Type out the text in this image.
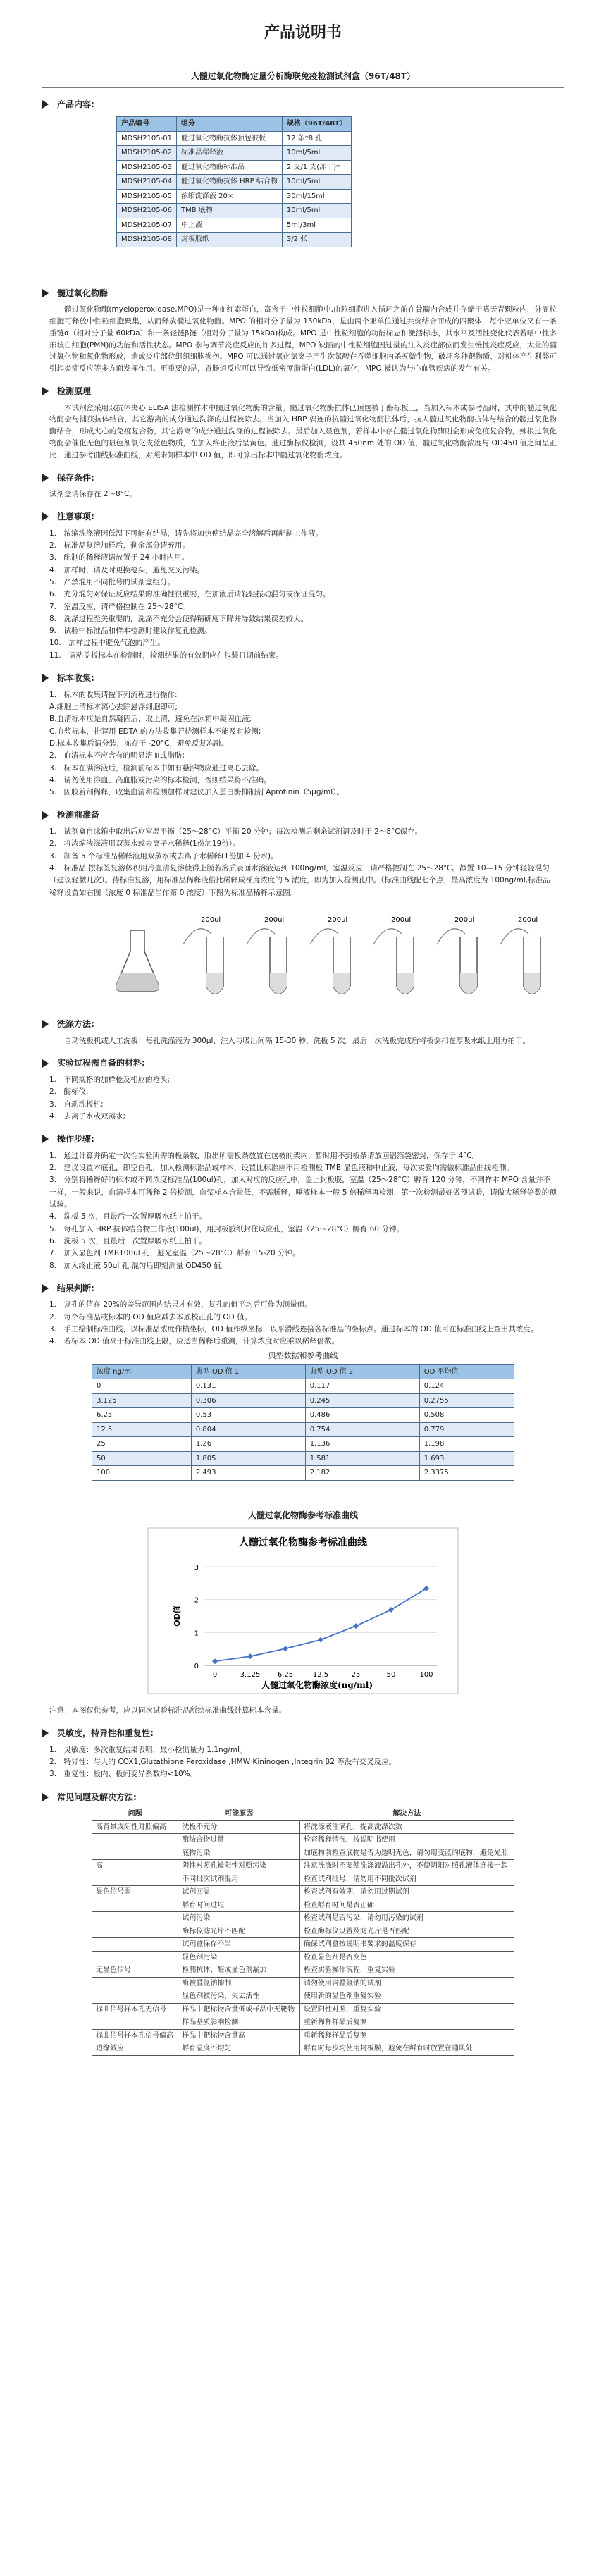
产品说明书
人髓过氧化物酶定量分析酶联免疫检测试剂盒（96T/48T）
产品内容:
产品编号	组分	规格（96T/48T）
MDSH2105-01	髓过氧化物酶抗体预包被板	12 条*8 孔
MDSH2105-02	标准品稀释液	10ml/5ml
MDSH2105-03	髓过氧化物酶标准品	2 支/1 支(冻干)*
MDSH2105-04	髓过氧化物酶抗体 HRP 结合物	10ml/5ml
MDSH2105-05	浓缩洗涤液 20×	30ml/15ml
MDSH2105-06	TMB 底物	10ml/5ml
MDSH2105-07	中止液	5ml/3ml
MDSH2105-08	封板胶纸	3/2 张
髓过氧化物酶
髓过氧化物酶(myeloperoxidase,MPO)是一种血红素蛋白，富含于中性粒细胞中,由粒细胞进入循环之前在骨髓内合成并存储于嗜天青颗粒内，外周粒细胞可释放中性粒细胞聚集，从而释放髓过氧化物酶。MPO 的相对分子量为 150kDa，是由两个亚单位通过共价结合而成的四聚体，每个亚单位又有一条重链α（相对分子量 60kDa）和一条轻链β链（相对分子量为 15kDa)构成。MPO 是中性粒细胞的功能标志和激活标志，其水平及活性变化代表着嗜中性多形核白细胞(PMN)的功能和活性状态。MPO 参与调节炎症反应的许多过程，MPO 缺陷的中性粒细胞因过量的注入炎症部位而发生慢性炎症反应，大量的髓过氧化物和氧化物形成，造成炎症部位组织细胞损伤。MPO 可以通过氧化氯离子产生次氯酸在吞噬细胞内杀灭微生物，破坏多种靶物质，对机体产生利弊可引起炎症反应等多方面发挥作用。更重要的是，胃肠道反应可以导致低密度脂蛋白(LDL)的氧化，MPO 被认为与心血管疾病的发生有关。
检测原理
本试剂盒采用双抗体夹心 ELISA 法检测样本中髓过氧化物酶的含量。髓过氧化物酶抗体已预包被于酶标板上，当加入标本或参考品时，其中的髓过氧化物酶会与捕获抗体结合，其它游离的成分通过洗涤的过程被除去。当加入 HRP 偶连的抗髓过氧化物酶抗体后，抗人髓过氧化物酶抗体与结合的髓过氧化物酶结合，形成夹心的免疫复合物，其它游离的成分通过洗涤的过程被除去。最后加入显色剂，若样本中存在髓过氧化物酶则会形成免疫复合物，辣根过氧化物酶会催化无色的显色剂氧化成蓝色物质，在加入终止液后呈黄色。通过酶标仪检测，设其 450nm 处的 OD 值，髓过氧化物酶浓度与 OD450 值之间呈正比，通过参考曲线标准曲线，对照未知样本中 OD 值，即可算出标本中髓过氧化物酶浓度。
保存条件:
试剂盒请保存在 2～8°C。
注意事项:
1.　浓缩洗涤液因低温下可能有结晶，请先将加热使结晶完全溶解后再配制工作液。
2.　标准品复溶加样后，剩余部分请弃用。
3.　配制的稀释液请放置于 24 小时内用。
4.　加样时，请及时更换枪头，避免交叉污染。
5.　严禁混用不同批号的试剂盒组分。
6.　充分混匀对保证反应结果的准确性很重要，在加液后请轻轻振动混匀或保证混匀。
7.　室温反应，请严格控制在 25～28°C。
8.　洗涤过程至关重要的，洗涤不充分会使得精确度下降并导致结果误差较大。
9.　试验中标准品和样本检测时建议作复孔检测。
10.　加样过程中避免气泡的产生。
11.　请粘盖板标本在检测时，检测结果的有效期应在包装日期前结束。
标本收集:
1.　标本的收集请按下列流程进行操作:
A.细胞上清标本离心去除悬浮细胞即可;
B.血清标本应是自然凝固后，取上清，避免在冰箱中凝固血液;
C.血浆标本，推荐用 EDTA 的方法收集若待测样本不能及时检测;
D.标本收集后请分装，冻存于 -20°C，避免反复冻融。
2.　血清标本不应含有的明显溶血或脂肪;
3.　标本在满溶液后，检测前标本中如有悬浮物应通过离心去除。
4.　请勿使用溶血、高血脂或污染的标本检测，否则结果将不准确。
5.　因胶着剂稀释，收集血清和检测加样时建议加入蛋白酶抑制剂 Aprotinin（5μg/ml）。
检测前准备
1.　试剂盒自冰箱中取出后应室温平衡（25～28°C）平衡 20 分钟；每次检测后剩余试剂请及时于 2～8°C保存。
2.　将浓缩洗涤液用双蒸水或去离子水稀释(1份加19份）。
3.　制备 5 个标准品稀释液用双蒸水或去离子水稀释(1份加 4 份水)。
4.　标准品 按标签复溶体积用冷血清复溶使得上膜若溶质表面水溶液达到 100ng/ml，室温反应，请严格控制在 25～28°C。静置 10—15 分钟轻轻混匀（建议轻微几次）。待标准复溶，用标准品稀释液倍比稀释成梯度浓度的 5 浓度，即为加入检测孔中。（标准曲线配七个点，最高浓度为 100ng/ml,标准品稀释设置如右图（浓度 0 标准品当作第 0 浓度）下图为标准品稀释示意图。
200ul	200ul	200ul	200ul	200ul	200ul
洗涤方法:
自动洗板机或人工洗板：每孔洗涤液为 300μl，注入与吸出间隔 15-30 秒，洗板 5 次。最后一次洗板完成后将板倒扣在厚吸水纸上用力拍干。
实验过程需自备的材料:
1.　不同规格的加样枪及相应的枪头;
2.　酶标仪;
3.　自动洗板机;
4.　去离子水或双蒸水;
操作步骤:
1.　通过计算并确定一次性实验所需的板条数，取出所需板条放置在包被的架内，暂时用不到板条请放回铝箔袋密封，保存于 4°C。
2.　建议设置本底孔，即空白孔，加入检测标准品或样本，设置比标准应不用检测板 TMB 显色液和中止液，每次实验均需做标准品曲线检测。
3.　分别将稀释好的标本或不同浓度标准品(100ul)孔，加入对应的反应孔中，盖上封板膜，室温（25～28°C）孵育 120 分钟，不同样本 MPO 含量并不一样，一般来说，血清样本可稀释 2 倍检测，血浆样本含量低，不需稀释，唾液样本一般 5 倍稀释再检测，第一次检测最好做预试验，请做大稀释倍数的预试验。
4.　洗板 5 次，且最后一次置厚吸水纸上拍干。
5.　每孔加入 HRP 抗体结合物工作液(100ul)，用封板胶纸封住反应孔，室温（25～28°C）孵育 60 分钟。
6.　洗板 5 次，且最后一次置厚吸水纸上拍干。
7.　加入显色剂 TMB100ul 孔，避光室温（25～28°C）孵育 15-20 分钟。
8.　加入终止液 50ul 孔,混匀后即刻测量 OD450 值。
结果判断:
1.　复孔的值在 20%的差异范围内结果才有效，复孔的值平均后可作为测量值。
2.　每个标准品或标本的 OD 值应减去本底校正孔的 OD 值。
3.　手工绘制标准曲线，以标准品浓度作横坐标，OD 值作纵坐标，以平滑线连接各标准品的坐标点。通过标本的 OD 值可在标准曲线上查出其浓度。
4.　若标本 OD 值高于标准曲线上限，应适当稀释后重测，计算浓度时应乘以稀释倍数。
典型数据和参考曲线
浓度 ng/ml	典型 OD 值 1	典型 OD 值 2	OD 平均值
0	0.131	0.117	0.124
3.125	0.306	0.245	0.2755
6.25	0.53	0.486	0.508
12.5	0.804	0.754	0.779
25	1.26	1.136	1.198
50	1.805	1.581	1.693
100	2.493	2.182	2.3375
人髓过氧化物酶参考标准曲线
人髓过氧化物酶参考标准曲线
0
1
2
3
0	3.125 6.25	12.5	25	50	100
OD值
人髓过氧化物酶浓度(ng/ml)
注意：本图仅供参考，应以同次试验标准品所绘标准曲线计算标本含量。
灵敏度，特异性和重复性:
1.　灵敏度：多次重复结果表明，最小检出量为 1.1ng/ml。
2.　特异性：与人的 COX1,Glutathione Peroxidase ,HMW Kininogen ,Integrin β2 等没有交叉反应。
3.　重复性：板内、板间变异系数均<10%。
常见问题及解决方法:
问题	可能原因	解决方法
高背景或阴性对照偏高	洗板不充分	将洗涤液注满孔，提高洗涤次数
	酶结合物过量	检查稀释情况，按说明书使用
	底物污染	加底物前检查底物是否为透明无色，请勿用变蓝的底物，避免光照
高	阴性对照孔被阳性对照污染	注意洗涤时不要使洗涤液溢出孔外，不使阴阳对照孔液体连接一起
	不同批次试剂混用	检查试剂批号，请勿用不同批次试剂
显色信号弱	试剂回温	检查试剂有效期，请勿用过期试剂
	孵育时间过短	检查孵育时间是否正确
	试剂污染	检查试剂是否污染，请勿用污染的试剂
	酶标仪滤光片不匹配	检查酶标仪设置及滤光片是否匹配
	试剂盒保存不当	确保试剂盒按说明书要求的温度保存
	显色剂污染	检查显色剂是否变色
无显色信号	检测抗体、酶或显色剂漏加	检查实验操作流程，重复实验
	酶被叠氮钠抑制	请勿使用含叠氮钠的试剂
	显色剂被污染，失去活性	使用新的显色剂重复实验
标曲信号样本孔无信号	样品中靶标物含量低或样品中无靶物	设置阳性对照，重复实验
	样品基质影响检测	重新稀释样品后复测
标曲信号样本孔信号偏高	样品中靶标物含量高	重新稀释样品后复测
边缘效应	孵育温度不均匀	孵育时每步均使用封板膜，避免在孵育时放置在通风处
